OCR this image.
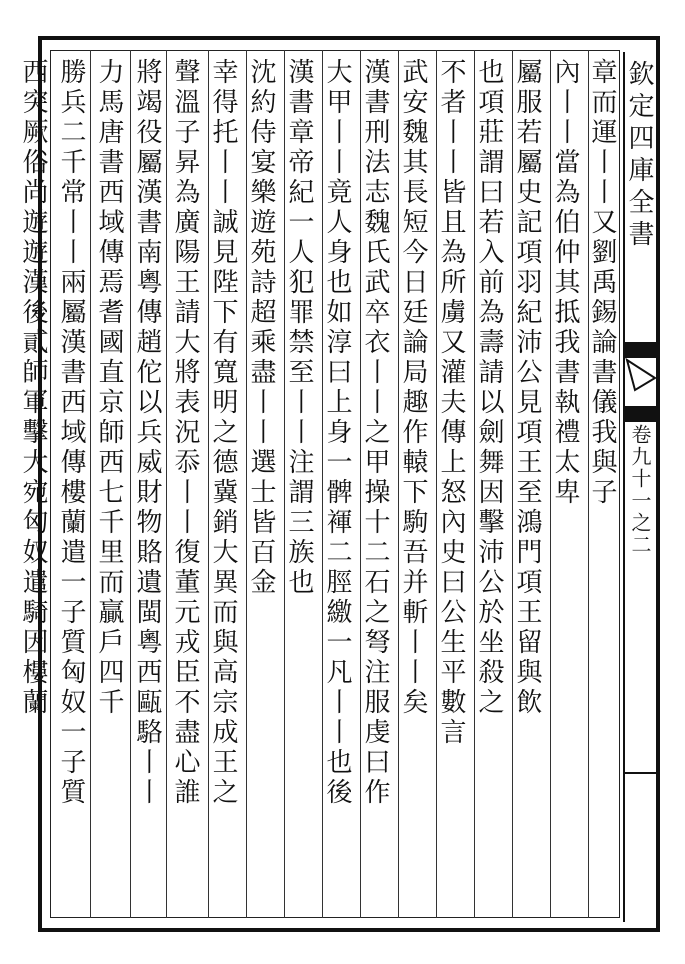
章而運丨丨又劉禹錫論書儀我與子
內丨丨當為伯仲其抵我書執禮太卑
屬服若屬史記項羽紀沛公見項王至鴻門項王留與飲
也項莊謂曰若入前為壽請以劍舞因擊沛公於坐殺之
不者丨丨皆且為所虜又灌夫傳上怒內史曰公生平數言
武安魏其長短今日廷論局趣作轅下駒吾并斬丨丨矣
漢書刑法志魏氏武卒衣丨丨之甲操十二石之弩注服虔曰作
大甲丨丨竟人身也如淳曰上身一髀褌二脛繳一凡丨丨也後
漢書章帝紀一人犯罪禁至丨丨注謂三族也
沈約侍宴樂遊苑詩超乘盡丨丨選士皆百金
幸得托丨丨誠見陛下有寬明之德冀銷大異而與高宗成王之
聲溫子昇為廣陽王請大將表況忝丨丨復董元戎臣不盡心誰
將竭役屬漢書南粵傳趙佗以兵威財物賂遺閩粵西甌駱丨丨
力馬唐書西域傳焉耆國直京師西七千里而贏戶四千
勝兵二千常丨丨兩屬漢書西域傳樓蘭遣一子質匈奴一子質
西突厥俗尚遊遊漢後貳師軍擊大宛匈奴遣騎因樓蘭	欽定四庫全書
卷九十一之二
